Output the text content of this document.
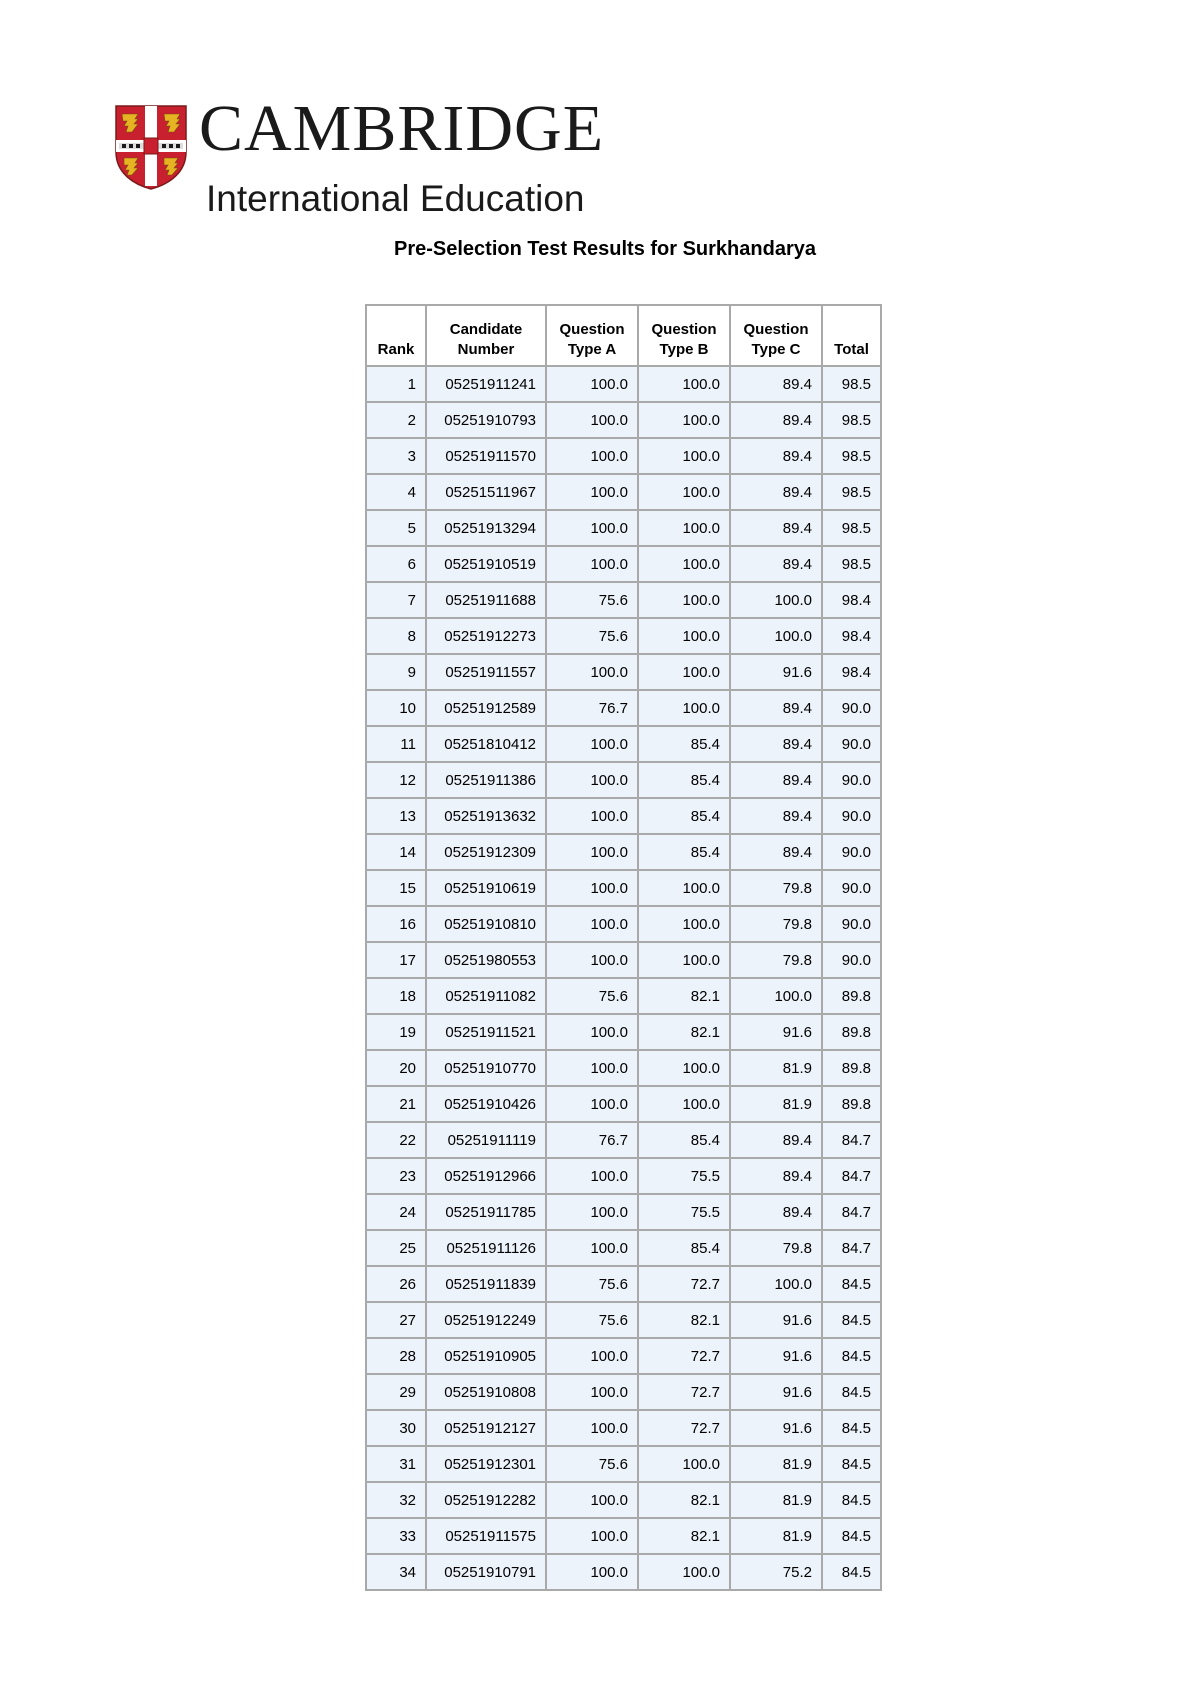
CAMBRIDGE
International Education
Pre-Selection Test Results for Surkhandarya
Rank	Candidate Number	Question Type A	Question Type B	Question Type C	Total
1	05251911241	100.0	100.0	89.4	98.5
2	05251910793	100.0	100.0	89.4	98.5
3	05251911570	100.0	100.0	89.4	98.5
4	05251511967	100.0	100.0	89.4	98.5
5	05251913294	100.0	100.0	89.4	98.5
6	05251910519	100.0	100.0	89.4	98.5
7	05251911688	75.6	100.0	100.0	98.4
8	05251912273	75.6	100.0	100.0	98.4
9	05251911557	100.0	100.0	91.6	98.4
10	05251912589	76.7	100.0	89.4	90.0
11	05251810412	100.0	85.4	89.4	90.0
12	05251911386	100.0	85.4	89.4	90.0
13	05251913632	100.0	85.4	89.4	90.0
14	05251912309	100.0	85.4	89.4	90.0
15	05251910619	100.0	100.0	79.8	90.0
16	05251910810	100.0	100.0	79.8	90.0
17	05251980553	100.0	100.0	79.8	90.0
18	05251911082	75.6	82.1	100.0	89.8
19	05251911521	100.0	82.1	91.6	89.8
20	05251910770	100.0	100.0	81.9	89.8
21	05251910426	100.0	100.0	81.9	89.8
22	05251911119	76.7	85.4	89.4	84.7
23	05251912966	100.0	75.5	89.4	84.7
24	05251911785	100.0	75.5	89.4	84.7
25	05251911126	100.0	85.4	79.8	84.7
26	05251911839	75.6	72.7	100.0	84.5
27	05251912249	75.6	82.1	91.6	84.5
28	05251910905	100.0	72.7	91.6	84.5
29	05251910808	100.0	72.7	91.6	84.5
30	05251912127	100.0	72.7	91.6	84.5
31	05251912301	75.6	100.0	81.9	84.5
32	05251912282	100.0	82.1	81.9	84.5
33	05251911575	100.0	82.1	81.9	84.5
34	05251910791	100.0	100.0	75.2	84.5
